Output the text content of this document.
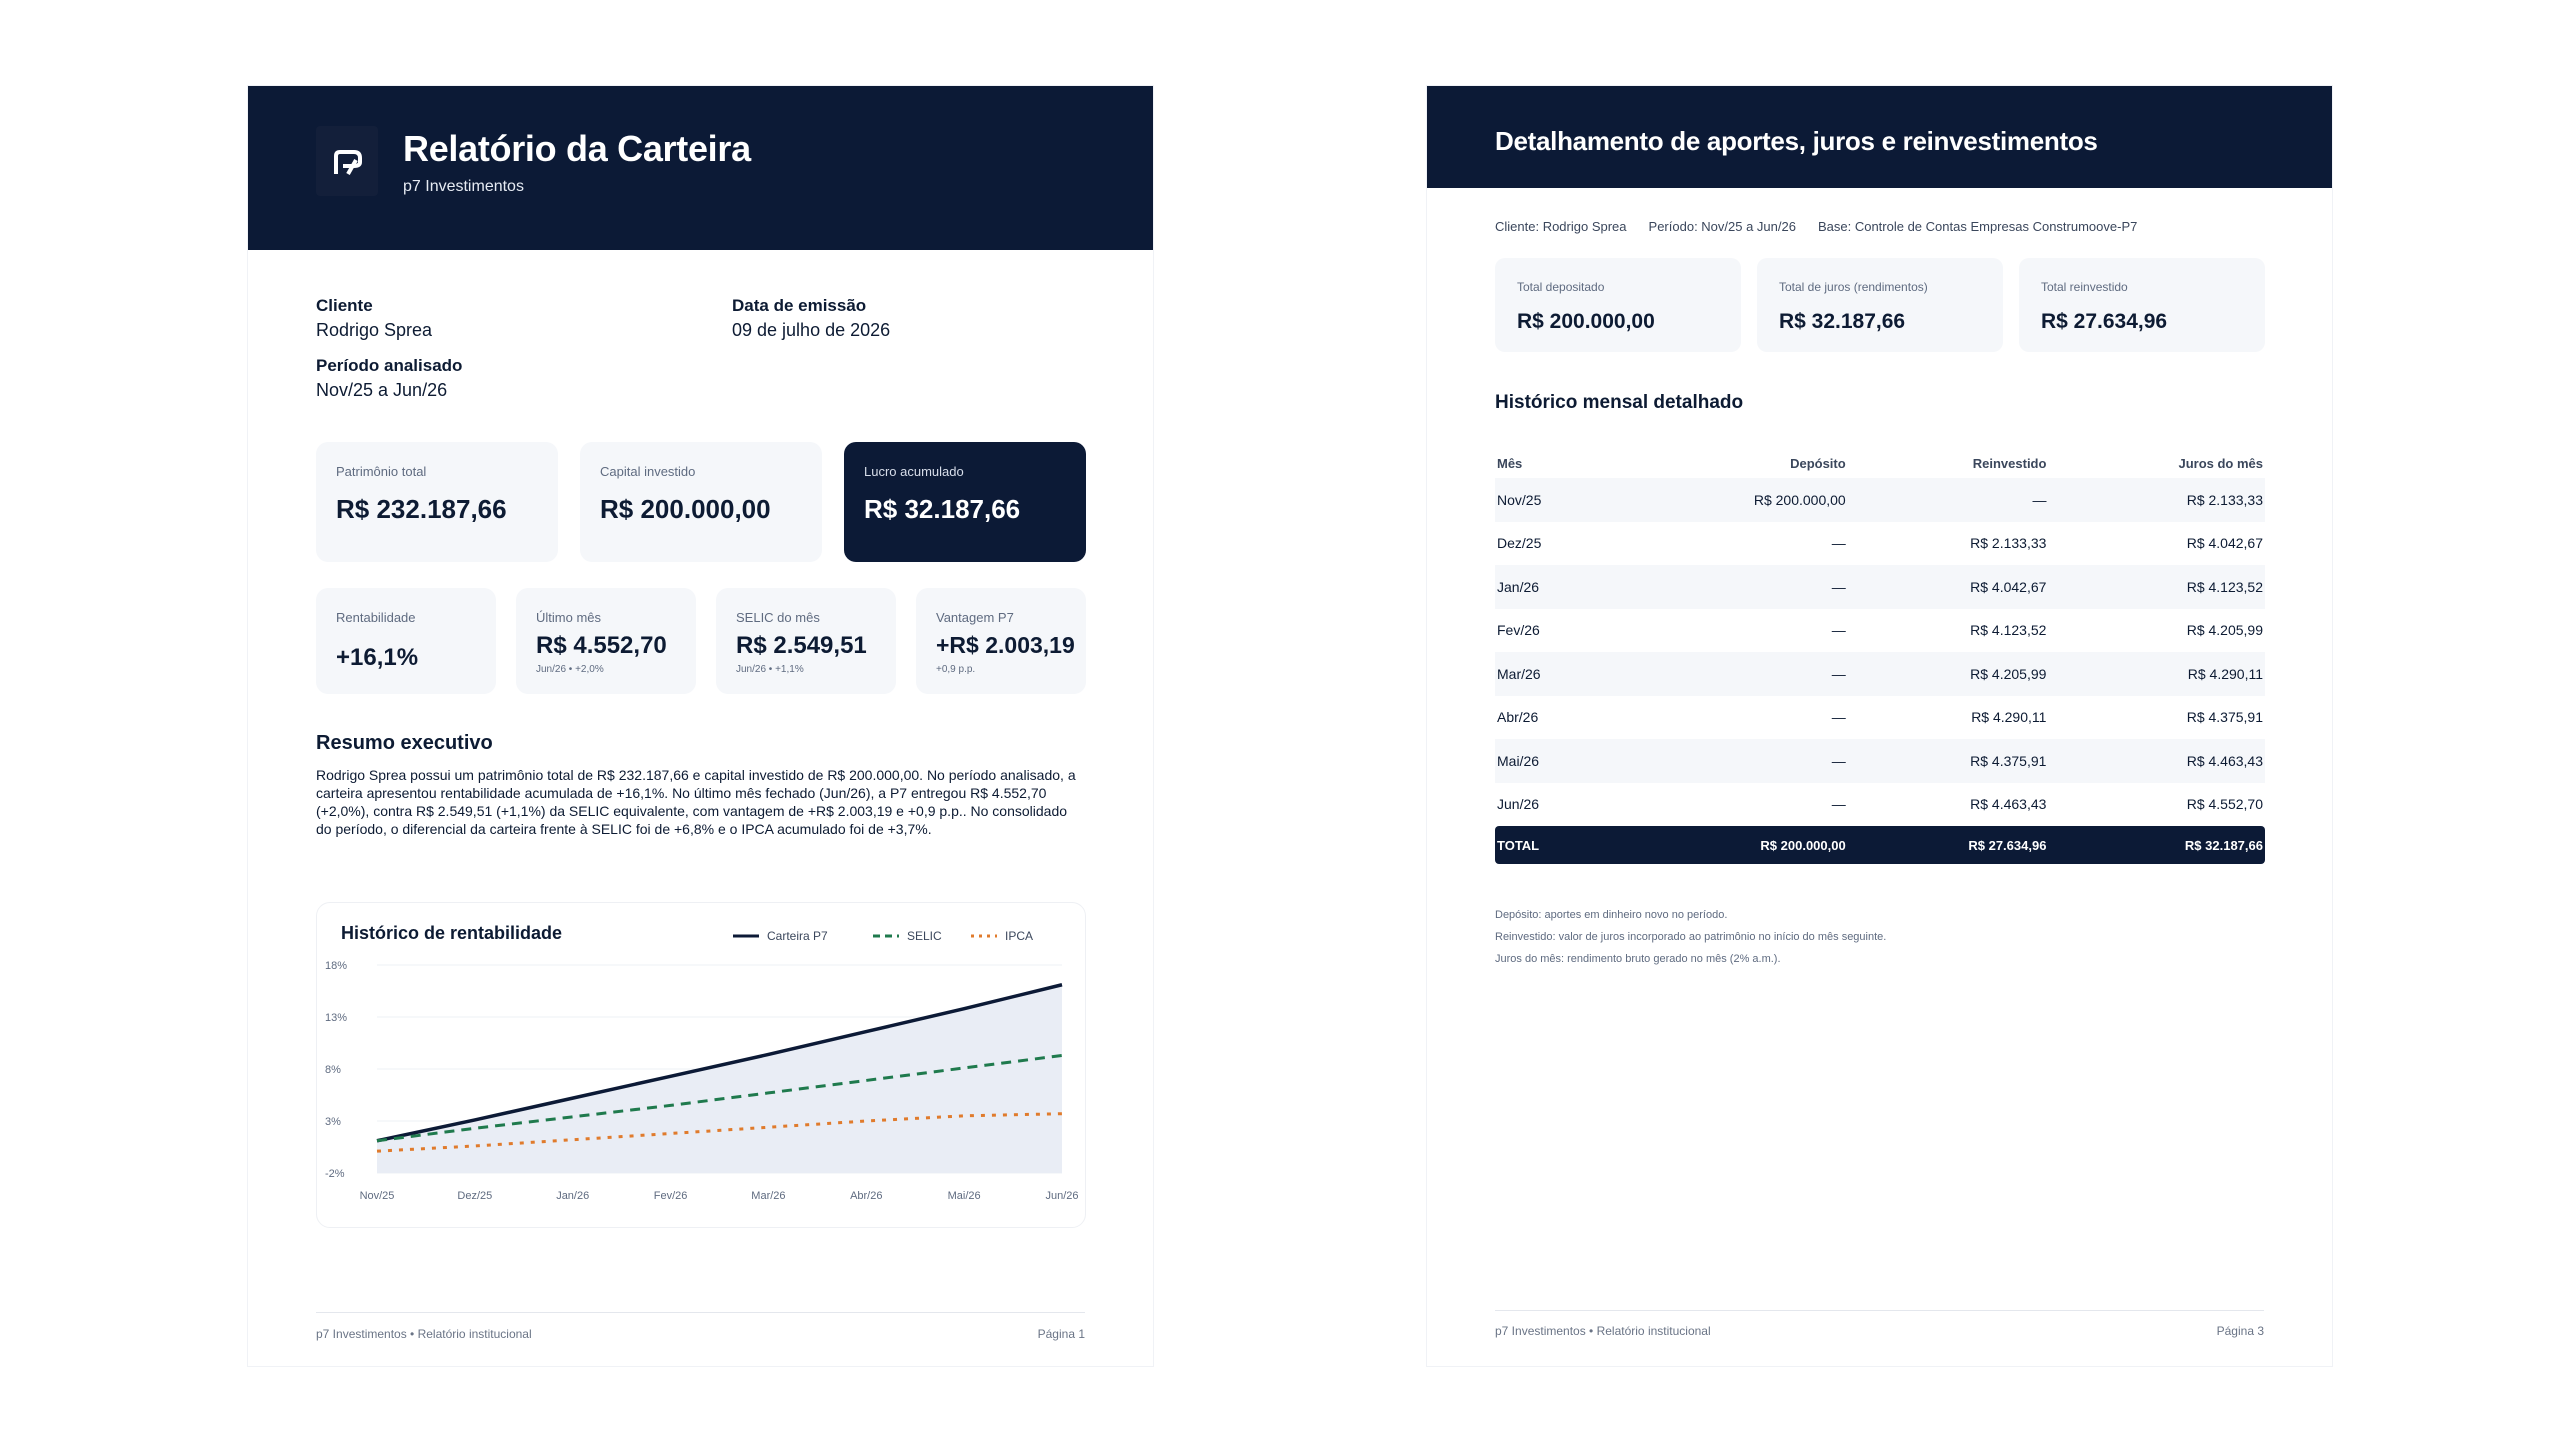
Relatório da Carteira
p7 Investimentos
Cliente
Rodrigo Sprea
Data de emissão
09 de julho de 2026
Período analisado
Nov/25 a Jun/26
Patrimônio total
R$ 232.187,66
Capital investido
R$ 200.000,00
Lucro acumulado
R$ 32.187,66
Rentabilidade
+16,1%
Último mês
R$ 4.552,70
Jun/26 • +2,0%
SELIC do mês
R$ 2.549,51
Jun/26 • +1,1%
Vantagem P7
+R$ 2.003,19
+0,9 p.p.
Resumo executivo
Rodrigo Sprea possui um patrimônio total de R$ 232.187,66 e capital investido de R$ 200.000,00. No período analisado, a carteira apresentou rentabilidade acumulada de +16,1%. No último mês fechado (Jun/26), a P7 entregou R$ 4.552,70 (+2,0%), contra R$ 2.549,51 (+1,1%) da SELIC equivalente, com vantagem de +R$ 2.003,19 e +0,9 p.p.. No consolidado do período, o diferencial da carteira frente à SELIC foi de +6,8% e o IPCA acumulado foi de +3,7%.
Histórico de rentabilidade	Carteira P7	SELIC	IPCA
18%
13%
8%
3%
-2%
Nov/25	Dez/25	Jan/26	Fev/26	Mar/26	Abr/26	Mai/26	Jun/26
p7 Investimentos • Relatório institucional	Página 1
Detalhamento de aportes, juros e reinvestimentos
Cliente: Rodrigo Sprea Período: Nov/25 a Jun/26 Base: Controle de Contas Empresas Construmoove-P7
Total depositado
R$ 200.000,00
Total de juros (rendimentos)
R$ 32.187,66
Total reinvestido
R$ 27.634,96
Histórico mensal detalhado
Mês	Depósito	Reinvestido	Juros do mês
Nov/25	R$ 200.000,00	—	R$ 2.133,33
Dez/25	—	R$ 2.133,33	R$ 4.042,67
Jan/26	—	R$ 4.042,67	R$ 4.123,52
Fev/26	—	R$ 4.123,52	R$ 4.205,99
Mar/26	—	R$ 4.205,99	R$ 4.290,11
Abr/26	—	R$ 4.290,11	R$ 4.375,91
Mai/26	—	R$ 4.375,91	R$ 4.463,43
Jun/26	—	R$ 4.463,43	R$ 4.552,70
TOTAL	R$ 200.000,00	R$ 27.634,96	R$ 32.187,66
Depósito: aportes em dinheiro novo no período.
Reinvestido: valor de juros incorporado ao patrimônio no início do mês seguinte.
Juros do mês: rendimento bruto gerado no mês (2% a.m.).
p7 Investimentos • Relatório institucional	Página 3
